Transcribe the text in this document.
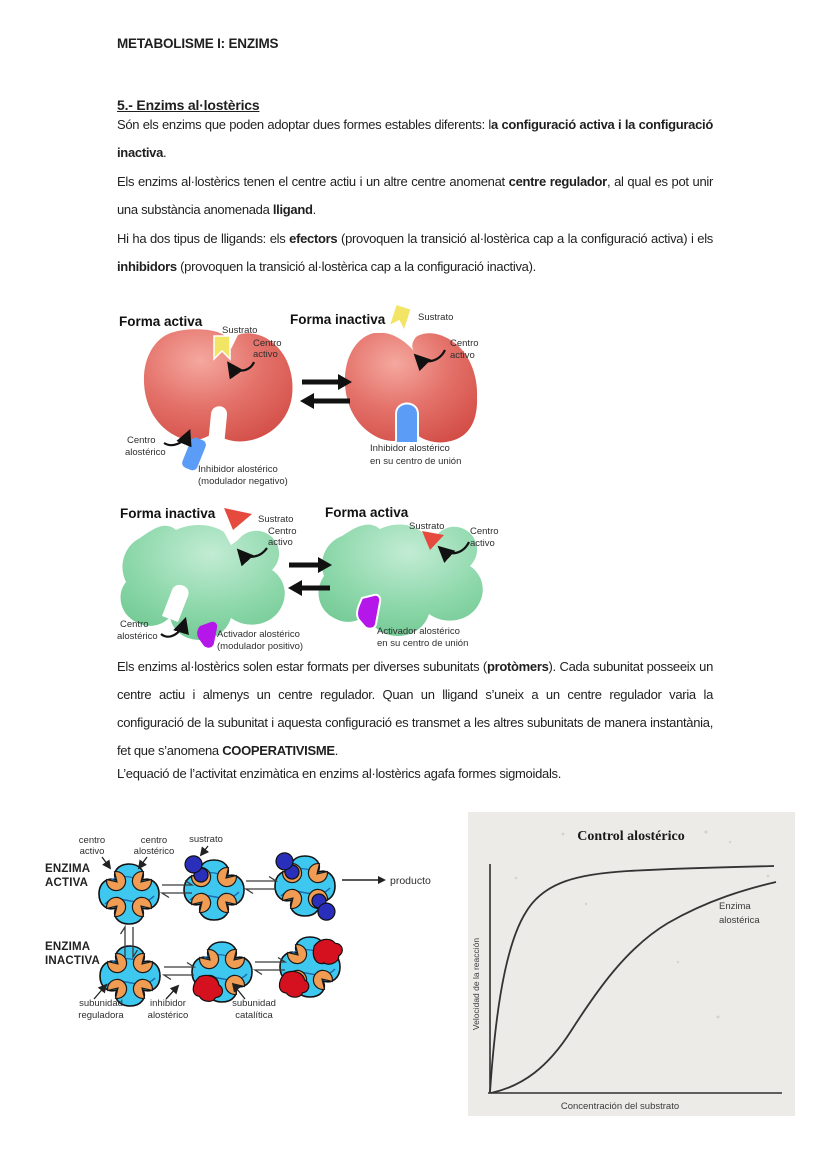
METABOLISME I: ENZIMS
5.- Enzims al·lostèrics

Són els enzims que poden adoptar dues formes estables diferents: la configuració activa i la configuració inactiva.

Els enzims al·lostèrics tenen el centre actiu i un altre centre anomenat centre regulador, al qual es pot unir una substància anomenada lligand.

Hi ha dos tipus de lligands: els efectors (provoquen la transició al·lostèrica cap a la configuració activa) i els inhibidors (provoquen la transició al·lostèrica cap a la configuració inactiva).

Els enzims al·lostèrics solen estar formats per diverses subunitats (protòmers). Cada subunitat posseeix un centre actiu i almenys un centre regulador. Quan un lligand s’uneix a un centre regulador varia la configuració de la subunitat i aquesta configuració es transmet a les altres subunitats de manera instantània, fet que s’anomena COOPERATIVISME.

L’equació de l’activitat enzimàtica en enzims al·lostèrics agafa formes sigmoidals.

Forma activa	Forma inactiva
Sustrato
Centro
activo
Centro
alostérico
Inhibidor alostérico
(modulador negativo)
Sustrato
Centro
activo
Inhibidor alostérico
en su centro de unión
Forma inactiva	Forma activa
Sustrato
Centro
activo
Centro
alostérico	Activador alostérico
(modulador positivo)
Sustrato	Centro
activo
Activador alostérico
en su centro de unión
producto
ENZIMA
ACTIVA
ENZIMA
INACTIVA
centro
activo
centro
alostérico
sustrato
subunidad
reguladora
inhibidor
alostérico
subunidad
catalítica
Control alostérico
Enzima
alostérica
Velocidad de la reacción
Concentración del substrato
